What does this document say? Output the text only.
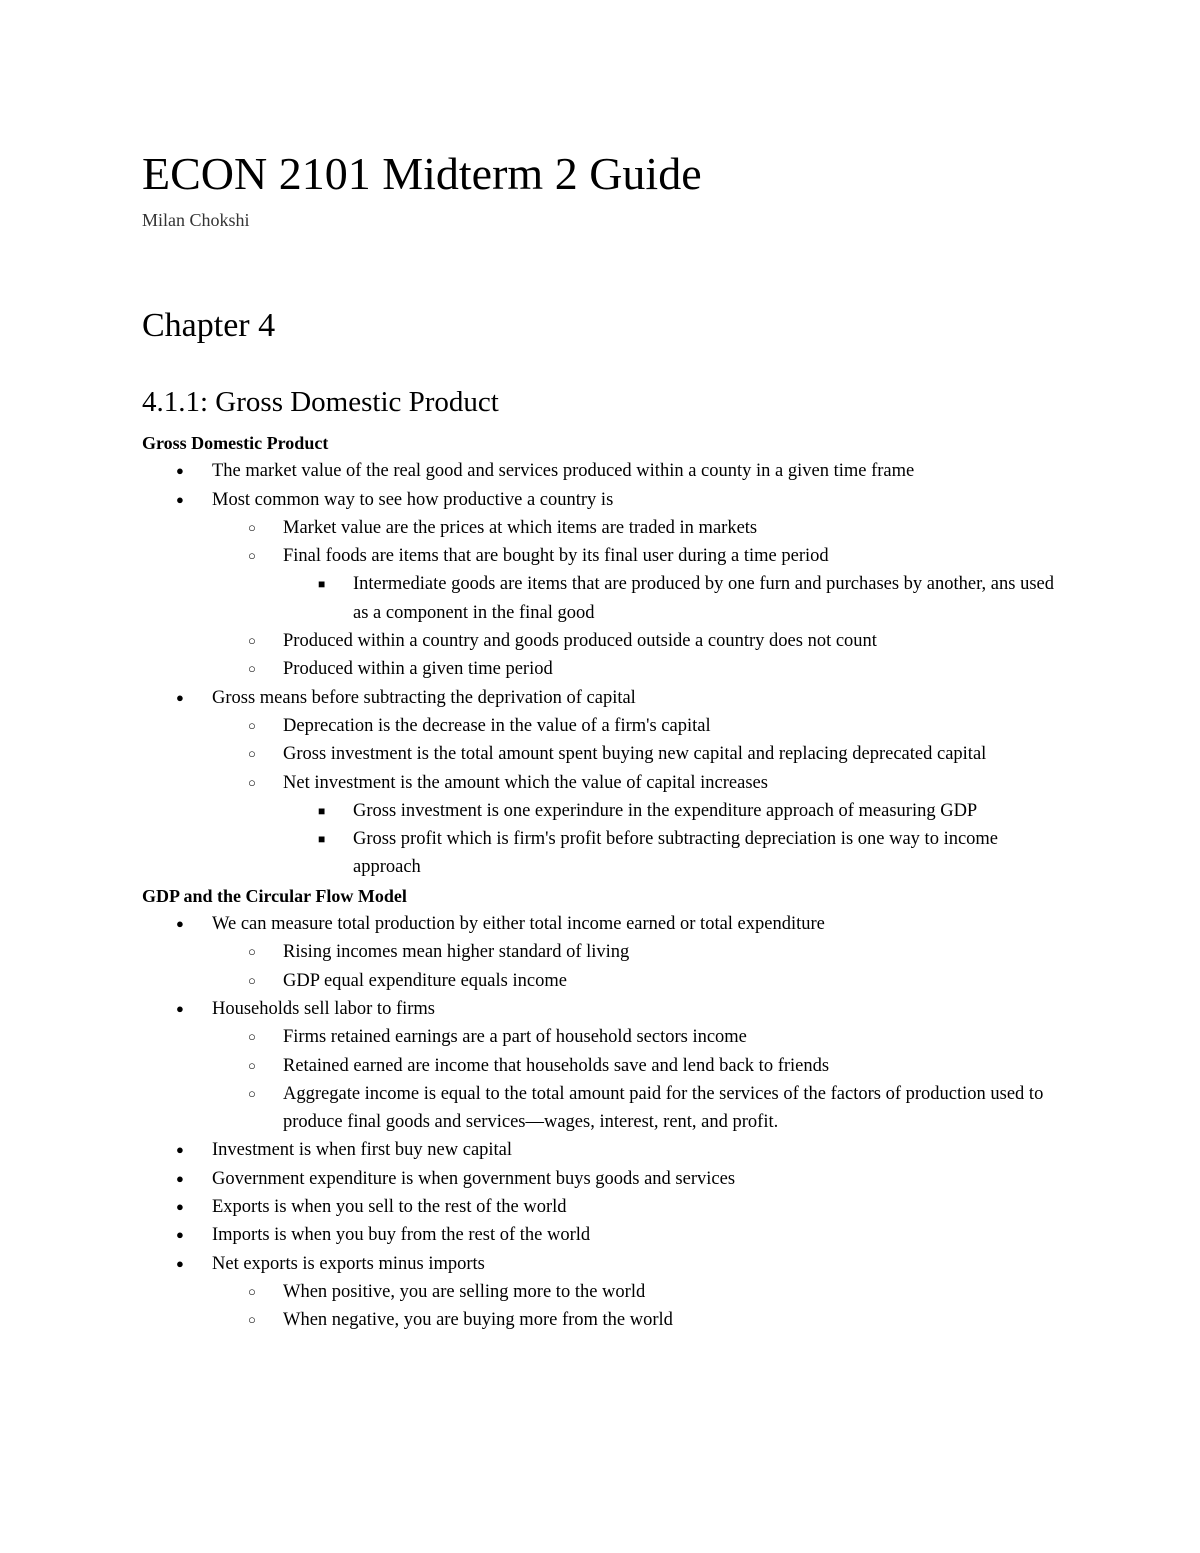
ECON 2101 Midterm 2 Guide

Milan Chokshi

Chapter 4
4.1.1: Gross Domestic Product

Gross Domestic Product

● The market value of the real good and services produced within a county in a given time frame
● Most common way to see how productive a country is
○ Market value are the prices at which items are traded in markets
○ Final foods are items that are bought by its final user during a time period
■ Intermediate goods are items that are produced by one furn and purchases by another, ans used as a component in the final good
○ Produced within a country and goods produced outside a country does not count
○ Produced within a given time period
● Gross means before subtracting the deprivation of capital
○ Deprecation is the decrease in the value of a firm's capital
○ Gross investment is the total amount spent buying new capital and replacing deprecated capital
○ Net investment is the amount which the value of capital increases
■ Gross investment is one experindure in the expenditure approach of measuring GDP
■ Gross profit which is firm's profit before subtracting depreciation is one way to income approach

GDP and the Circular Flow Model

● We can measure total production by either total income earned or total expenditure
○ Rising incomes mean higher standard of living
○ GDP equal expenditure equals income
● Households sell labor to firms
○ Firms retained earnings are a part of household sectors income
○ Retained earned are income that households save and lend back to friends
○ Aggregate income is equal to the total amount paid for the services of the factors of production used to produce final goods and services—wages, interest, rent, and profit.
● Investment is when first buy new capital
● Government expenditure is when government buys goods and services
● Exports is when you sell to the rest of the world
● Imports is when you buy from the rest of the world
● Net exports is exports minus imports
○ When positive, you are selling more to the world
○ When negative, you are buying more from the world
